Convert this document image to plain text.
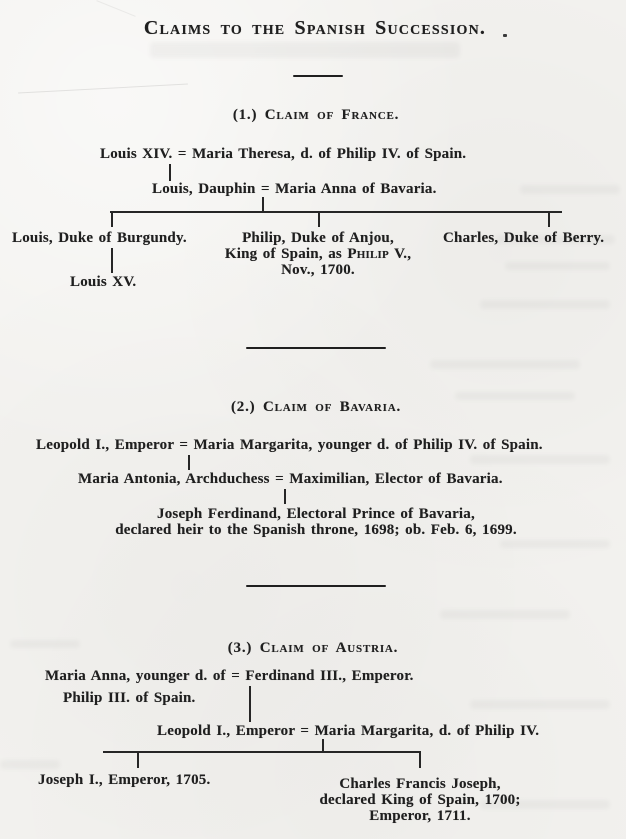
Claims to the Spanish Succession.
(1.) Claim of France.
Louis XIV. = Maria Theresa, d. of Philip IV. of Spain.
Louis, Dauphin = Maria Anna of Bavaria.
Louis, Duke of Burgundy.	Philip, Duke of Anjou,
King of Spain, as Philip V.,
Nov., 1700.
Charles, Duke of Berry.
Louis XV.
(2.) Claim of Bavaria.
Leopold I., Emperor = Maria Margarita, younger d. of Philip IV. of Spain.
Maria Antonia, Archduchess = Maximilian, Elector of Bavaria.
Joseph Ferdinand, Electoral Prince of Bavaria,
declared heir to the Spanish throne, 1698; ob. Feb. 6, 1699.
(3.) Claim of Austria.
Maria Anna, younger d. of = Ferdinand III., Emperor.
Philip III. of Spain.
Leopold I., Emperor = Maria Margarita, d. of Philip IV.
Joseph I., Emperor, 1705.	Charles Francis Joseph,
declared King of Spain, 1700;
Emperor, 1711.
